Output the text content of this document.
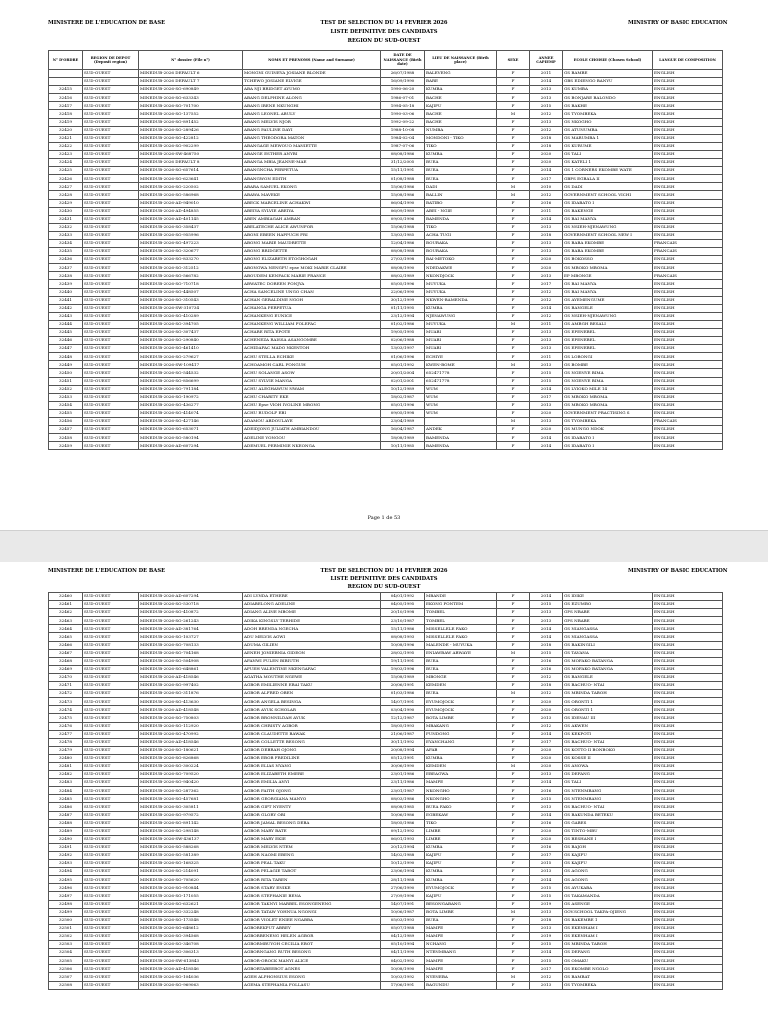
MINISTERE DE L'EDUCATION DE BASE	TEST DE SELECTION DU 14 FEVRIER 2026	MINISTRY OF BASIC EDUCATION
LISTE DEFINITIVE DES CANDIDATS
REGION DU SUD-OUEST
N° D'ORDRE	REGION DE DEPOT (Deposit region)	N° dossier (File n°)	NOMS ET PRENOMS (Name and Surname)	DATE DE NAISSANCE (Birth date)	LIEU DE NAISSANCE (Birth place)	SEXE	ANNEE CAPIEMP	ECOLE CHOISIE (Chosen School)	LANGUE DE COMPOSITION
	SUD-OUEST	MINEDUB-2026 DEFAULT 6	MONGNI GUINEYA JOSIANE BLONDE	26/07/1988	BALEVENG	F	2011	GS BAMBE	ENGLISH
	SUD-OUEST	MINEDUB-2026 DEFAULT 7	TCHEWO JOSIANE ELVIGE	16/09/1990	BARE	F	2014	GBS EDIENGO BANYU	ENGLISH
32415	SUD-OUEST	MINEDUB-2026-SO-690849	ABA NJI BRIDGET AYUMO	1990-06-20	KUMBA	F	2013	GS KUMBA	ENGLISH
32416	SUD-OUEST	MINEDUB-2026-SO-633343	ABANG DELPHINE ALONG	1986-07-01	BACHE	F	2013	GS BONJARE BALONDO	ENGLISH
32417	SUD-OUEST	MINEDUB-2026-SO-701700	ABANG IRENE NKUNGHI	1994-05-18	KAJIFU	F	2015	GS BAKHE	ENGLISH
32418	SUD-OUEST	MINEDUB-2026-SO-137552	ABANG LEONEL ABULY	1990-03-06	BACHE	M	2012	GS TYOMBEKA	ENGLISH
32419	SUD-OUEST	MINEDUB-2026-SO-891452	ABANG MELVIS NJOR	1992-09-22	BACHE	F	2013	GS NKOGHO	ENGLISH
32420	SUD-OUEST	MINEDUB-2026-SO-289426	ABANG PAULINE DAYI	1988-10-08	NUMBA	F	2012	GS ATUNUMBA	ENGLISH
32421	SUD-OUEST	MINEDUB-2026-SO-422812	ABANG THEODORA MATON	1984-02-04	MONDONI - TIKO	F	2018	GS MARUMBA 1	ENGLISH
32422	SUD-OUEST	MINEDUB-2026-SO-902299	ABANGAGE MEWOUO MANIETTE	1987-07-06	TIKO	F	2018	GS KURUME	ENGLISH
32423	SUD-OUEST	MINEDUB-2026-SW-468750	ABANGE ESTHER ANYBI	08/08/1986	KUMBA	F	2020	GS TALI	ENGLISH
32424	SUD-OUEST	MINEDUB-2026 DEFAULT 8	ABANGA MBIA JEANNE-MAE	31/12/2005	BUEA	F	2020	GS KATELI 1	ENGLISH
32425	SUD-OUEST	MINEDUB-2026-SO-657614	ABANGNCHA PERPETUA	15/11/1991	BUEA	F	2014	GS 1 CORNERS EKOMBE WATE	ENGLISH
32426	SUD-OUEST	MINEDUB-2026-SO-623641	ABANGWON EDITH	01/08/1988	BUEA	F	2017	GBPS EGBALA II	ENGLISH
32427	SUD-OUEST	MINEDUB-2026-SO-220502	ABARA SAMUEL EKONG	15/06/1986	DADI	M	2010	GS DADI	ENGLISH
32428	SUD-OUEST	MINEDUB-2026-SO-586968	ABAWA MAVEKE	15/08/1986	BALLIN	M	2012	GOVERNMENT SCHOOL VICHI	ENGLISH
32429	SUD-OUEST	MINEDUB-2026-AD-949010	ABECK MARCELINE ACHAKWI	06/04/1990	BATIBO	F	2016	GS IDABATO I	ENGLISH
32430	SUD-OUEST	MINEDUB-2026-AD-494855	ABEIYA SYLVIE ABEIYA	06/09/1989	ABEI - NGIE	F	2011	GS BAKENGE	ENGLISH
32431	SUD-OUEST	MINEDUB-2026-AD-401145	ABEN AMBIAGAH AMBAN	09/05/1996	BAMENDA	F	2014	GS BAI MANYA	ENGLISH
32432	SUD-OUEST	MINEDUB-2026-SO-358437	ABELATECHE ALICE AWUNFOR	15/06/1988	TIKO	F	2013	GS NSIEH-NJENAWUNG	ENGLISH
32433	SUD-OUEST	MINEDUB-2026-SO-955996	ABONI EBEEN HAPPUCH FRI	13/03/1985	ACHA TUGI	F	2018	GOVERNMENT SCHOOL NEW I	ENGLISH
32434	SUD-OUEST	MINEDUB-2026-SO-497223	ABONG MARIE MAUDRETTE	12/04/1986	BOURAKA	F	2013	GS BABA EKOMBE	FRANCAIS
32435	SUD-OUEST	MINEDUB-2026-SO-320677	ABONG BRIDGETTE	08/08/1988	BOURAKA	F	2013	GS BABA EKOMBE	FRANCAIS
32436	SUD-OUEST	MINEDUB-2026-SO-833270	ABONG ELIZABETH ETOGHOGAH	27/03/1998	BAI-METOKO	F	2020	GS BOKOSSO	ENGLISH
32437	SUD-OUEST	MINEDUB-2026-SO-312512	ABONGWA NENGFU epse MOKI MARIE CLAIRE	08/08/1990	NDEDAKWE	F	2020	GS MBOKO MBOMA	ENGLISH
32438	SUD-OUEST	MINEDUB-2026-SO-566782	ABOUDEM KENFACK MARIE FRANCE	08/02/1989	NKONDJOCK	F	2013	EP MBONGE	FRANCAIS
32439	SUD-OUEST	MINEDUB-2026-SO-710718	ABWATEC DOREEN FONJYA	05/05/1996	MUYUKA	F	2017	GS BAI MANYA	ENGLISH
32440	SUD-OUEST	MINEDUB-2026-SO-448507	ACHA SANCELINE UNGO CHAN	22/06/1990	MUYUKA	F	2012	GS BAI MANYA	ENGLISH
32441	SUD-OUEST	MINEDUB-2026-SO-310543	ACHAN GERALDINE NGOH	30/12/1999	NKWEN-BAMENDA	F	2012	GS AYEMENGUME	ENGLISH
32442	SUD-OUEST	MINEDUB-2026-SW-310734	ACHANGA PERPETUA	01/11/1995	KUMBA	F	2014	GS BANGELE	ENGLISH
32443	SUD-OUEST	MINEDUB-2026-SO-410289	ACHANKENG EUNICE	23/12/1994	NJENAWUNG	F	2012	GS NSIEH-NJENAWUNG	ENGLISH
32444	SUD-OUEST	MINEDUB-2026-SO-394705	ACHANKENG WILLIAM FOLEFAC	01/02/1986	MUYUKA	M	2011	GS AMBGH BESALI	ENGLISH
32445	SUD-OUEST	MINEDUB-2026-SO-307437	ACHARE RITA EPOTE	19/05/1995	MUABI	F	2013	GS EPENEBEL	ENGLISH
32446	SUD-OUEST	MINEDUB-2026-SO-290840	ACHENEZA RAISSA ASANGOMBE	02/06/1988	MUABI	F	2013	GS EPENEBEL	ENGLISH
32447	SUD-OUEST	MINEDUB-2026-SO-461410	ACHIDAFAC MADO NKENTOH	13/03/1997	MUABI	F	2013	GS EPENEBEL	ENGLISH
32448	SUD-OUEST	MINEDUB-2026-SO-279627	ACHU STELLA ECHIKE	01/06/1996	ECHIYE	F	2011	GS LOBONGI	ENGLISH
32449	SUD-OUEST	MINEDUB-2026-SW-109417	ACHOAMOH CARL FONGUH	05/01/1992	KWEN-BOME	M	2013	GS BOMBE	ENGLISH
32450	SUD-OUEST	MINEDUB-2026-SO-544532	ACHU SOLANGE ASOW	20/01/2004	652471778	F	2015	GS NGENYE BIMA	ENGLISH
32451	SUD-OUEST	MINEDUB-2026-SO-856699	ACHU SYLVIE MANGA	02/01/2001	652471778	F	2015	GS NGENYE BIMA	ENGLISH
32452	SUD-OUEST	MINEDUB-2026-SO-791184	ACHU ALEGHAWUN NWAM	10/12/1989	WUM	F	2014	GS LYIOKO MILE 14	ENGLISH
32453	SUD-OUEST	MINEDUB-2026-SO-190972	ACHU CHARITY EKE	18/02/1987	WUM	F	2017	GS MBOKO MBOMA	ENGLISH
32454	SUD-OUEST	MINEDUB-2026-SO-436277	ACHU Epse VIOH IVOLINE MBONG	05/01/1996	WUM	F	2013	GS MBOKO MBOMA	ENGLISH
32455	SUD-OUEST	MINEDUB-2026-SO-414074	ACHU RUDOLF EBI	09/05/1998	WUM	F	2020	GOVERNMENT PRACTISING S	ENGLISH
32456	SUD-OUEST	MINEDUB-2026-SO-427146	ADAMOU ABDOULAYE	23/04/1989		M	2013	GS TYOMBEKA	FRANCAIS
32457	SUD-OUEST	MINEDUB-2026-SO-653071	ADEIDJONG JULIATH AMBIANDOU	16/04/1987	ANDEK	F	2020	GS MUNGO NDOK	ENGLISH
32458	SUD-OUEST	MINEDUB-2026-SO-580194	ADELINE YONGOU	18/08/1989	BAMENDA	F	2014	GS IDABATO I	ENGLISH
32459	SUD-OUEST	MINEDUB-2026-AD-607294	ADEMUEL PERMINIE NKEONGA	10/11/1985	BAMENDA	F	2014	GS IDABATO I	ENGLISH
Page 1 de 53
MINISTERE DE L'EDUCATION DE BASE	TEST DE SELECTION DU 14 FEVRIER 2026	MINISTRY OF BASIC EDUCATION
LISTE DEFINITIVE DES CANDIDATS
REGION DU SUD-OUEST
32460	SUD-OUEST	MINEDUB-2026-AD-607294	ADI LYNDA ETHERE	04/01/1992	MBANDE	F	2014	GS IDIKE	ENGLISH
32461	SUD-OUEST	MINEDUB-2026-SO-530718	ADIABELONG ADELINE	04/05/1995	EKONG FONTEM	F	2015	GS EZUMBO	ENGLISH
32462	SUD-OUEST	MINEDUB-2026-SO-410872	ADIANG ALINE MBOME	20/10/1998	TOMBEL	F	2013	GPS NBABE	ENGLISH
32463	SUD-OUEST	MINEDUB-2026-SO-261243	ADIKA KINGSLY TERHIDE	23/10/1987	TOMBEL	F	2013	GPS NBABE	ENGLISH
32464	SUD-OUEST	MINEDUB-2026-AD-381764	ADOH BRENDA NGECHA	15/11/1986	MISSELLELE FAKO	F	2014	GS NIANGASSA	ENGLISH
32465	SUD-OUEST	MINEDUB-2026-SO-103727	ADU MELVIS AGWI	08/08/1993	MISSELLELE FAKO	F	2014	GS NIANGASSA	ENGLISH
32466	SUD-OUEST	MINEDUB-2026-SO-708133	ADUMA GILIEN	10/08/1996	MALENDE - MUYUKA	F	2018	GS BAKINGILI	ENGLISH
32467	SUD-OUEST	MINEDUB-2026-SO-704168	AENEH JONIEBNIA GIDEON	28/02/1995	ENIAWBAW ABWAYE	M	2015	GS TAVANA	ENGLISH
32468	SUD-OUEST	MINEDUB-2026-SO-504908	AFANWI FULEN BIBIUTH	19/11/1991	BUEA	F	2016	GS MOFAKO BATANGA	ENGLISH
32469	SUD-OUEST	MINEDUB-2026-SO-648861	AFUEH VALENTINE NKENGAFAC	19/03/1996	BUEA	F	2016	GS MOFAKO BATANGA	ENGLISH
32470	SUD-OUEST	MINEDUB-2026-AD-418546	AGATHA MOUTHE NGEWE	15/08/1989	MBONGE	F	2012	GS BANGELE	ENGLISH
32471	SUD-OUEST	MINEDUB-2026-SO-997402	AGBOR EMILIENNE EBAI TAKU	20/06/1991	KEMDEN	F	2018	GS BACHUO- NTAI	ENGLISH
32472	SUD-OUEST	MINEDUB-2026-SO-311876	AGBOR ALFRED OBEN	01/03/1986	BUEA	M	2012	GS MBINDA TABOH	ENGLISH
32473	SUD-OUEST	MINEDUB-2026-SO-413630	AGBOR ANGELA BESINGA	14/07/1991	EYUMOJOCK	F	2020	GS ORONTI 1	ENGLISH
32474	SUD-OUEST	MINEDUB-2026-AD-418548	AGBOR AYUK SCHOLAR	03/04/1990	EYUMOJOCK	F	2020	GS ORONTI 1	ENGLISH
32475	SUD-OUEST	MINEDUB-2026-SO-750803	AGBOR BRONNILDAH AYUK	12/12/1987	BOTA LIMBE	F	2013	GS IDENAU III	ENGLISH
32476	SUD-OUEST	MINEDUB-2026-SO-112920	AGBOR CHRISTY AGBOR	18/05/1993	MBAKANG	F	2012	GS AKWEN	ENGLISH
32477	SUD-OUEST	MINEDUB-2026-SO-470992	AGBOR CLAUDETTE BAWAK	21/06/1987	FUNDONG	F	2014	GS KEKPOTI	ENGLISH
32478	SUD-OUEST	MINEDUB-2026-AD-418546	AGBOR COLLETTE BESONG	30/11/1992	EYANCHANG	F	2017	GS BACHUO- NTAI	ENGLISH
32479	SUD-OUEST	MINEDUB-2026-SO-180621	AGBOR DEBRAH OJONG	20/08/1994	AFAB	F	2020	GS KOTTO II BONBOKO	ENGLISH
32480	SUD-OUEST	MINEDUB-2026-SO-826868	AGBOR EBOB FREDILINE	05/12/1991	KUMBA	F	2020	GS KOSSE II	ENGLISH
32481	SUD-OUEST	MINEDUB-2026-SO-300224	AGBOR ELIAS NYANG	30/06/1990	KEMDEN	M	2020	GS ANOWA	ENGLISH
32482	SUD-OUEST	MINEDUB-2026-SO-709520	AGBOR ELIZABETH EMERE	23/01/1986	EBEAGWA	F	2013	GS DEFANG	ENGLISH
32483	SUD-OUEST	MINEDUB-2026-SO-940420	AGBOR EMILIA ANYI	23/11/1986	MAMFE	F	2014	GS TALI	ENGLISH
32484	SUD-OUEST	MINEDUB-2026-SO-287362	AGBOR FAITH OJONG	23/01/1987	NKONGHO	F	2016	GS NTENMBANG	ENGLISH
32485	SUD-OUEST	MINEDUB-2026-SO-457681	AGBOR GEORGIANA MANYO	08/03/1986	NKONGHO	F	2015	GS NTENMBANG	ENGLISH
32486	SUD-OUEST	MINEDUB-2026-SO-305811	AGBOR GIFT NYENTY	08/08/1985	BUEA FAKO	F	2013	GS BACHUO- NTAI	ENGLISH
32487	SUD-OUEST	MINEDUB-2026-SO-979572	AGBOR GLORY OBI	10/06/1986	EGBEKAW	F	2014	GS BAKUNDA BETEKU	ENGLISH
32488	SUD-OUEST	MINEDUB-2026-SO-891142	AGBOR JAMAL BESONG DEBA	18/05/1986	TIKO	F	2016	GS GABES	ENGLISH
32489	SUD-OUEST	MINEDUB-2026-SO-298148	AGBOR MARY BATE	09/12/1992	LIMBE	F	2020	GS TINTO-MBU	ENGLISH
32490	SUD-OUEST	MINEDUB-2026-SW-436137	AGBOR MARY EKIE	06/01/1993	LIMBE	F	2020	GS BESHANE I	ENGLISH
32491	SUD-OUEST	MINEDUB-2026-SO-588268	AGBOR MELVIS NTEM	20/12/1994	KUMBA	F	2016	GS BAJOH	ENGLISH
32492	SUD-OUEST	MINEDUB-2026-SO-581389	AGBOR NAOMI EBENG	14/02/1988	KAJIFU	F	2017	GS KAJIFU	ENGLISH
32493	SUD-OUEST	MINEDUB-2026-SO-168325	AGBOR PEAL TAKU	10/12/1990	KAJIFU	F	2015	GS KAJIFU	ENGLISH
32494	SUD-OUEST	MINEDUB-2026-SO-214091	AGBOR PELAGIE TABOT	23/06/1994	KUMBA	F	2013	GS AGONG	ENGLISH
32495	SUD-OUEST	MINEDUB-2026-SO-705620	AGBOR RITA TAREN	28/11/1988	KUMBA	F	2014	GS AGONG	ENGLISH
32496	SUD-OUEST	MINEDUB-2026-SO-910844	AGBOR STARY ENIKE	27/06/1990	EYUMOJOCK	F	2015	GS AYUKABA	ENGLISH
32497	SUD-OUEST	MINEDUB-2026-SO-171055	AGBOR STEPHANIE BENA	27/09/1996	KAJIFU	F	2015	GS TAKAMANDA	ENGLISH
32498	SUD-OUEST	MINEDUB-2026-SO-632621	AGBOR TAKNYI MARBEL ESONGENENG	14/07/1991	BESONGABANG	F	2019	GS ASENGE	ENGLISH
32499	SUD-OUEST	MINEDUB-2026-SO-332248	AGBOR TATAW YOHNUA NGONGI	10/06/1987	BOTA LIMBE	M	2013	GOV.SCHOOL TAKPA-OJIENG	ENGLISH
32500	SUD-OUEST	MINEDUB-2026-SO-173548	AGBOR VIOLET ENIEE NGABBA	05/03/1993	BUEA	F	2018	GS BAKEMBE 1	ENGLISH
32501	SUD-OUEST	MINEDUB-2026-SO-648612	AGBOREKPUT ABREY	05/07/1988	MAMFE	F	2013	GS EKENHAM I	ENGLISH
32502	SUD-OUEST	MINEDUB-2026-SO-394568	AGBORBENENG HELEN AGBOR	04/12/1989	MAMFE	F	2019	GS EKENHAM I	ENGLISH
32503	SUD-OUEST	MINEDUB-2026-SO-346708	AGBORMBUYOH CECILIA EBOT	05/10/1994	NCHANG	F	2015	GS MBINDA TABOH	ENGLISH
32504	SUD-OUEST	MINEDUB-2026-SO-306313	AGBORNGANG RUTH BESONG	04/11/1990	NTENMBANG	F	2014	GS DEFANG	ENGLISH
32505	SUD-OUEST	MINEDUB-2026-SW-613843	AGBOR-OROCK MANYI ALICE	04/02/1992	MAMFE	F	2015	GS OMAKU	ENGLISH
32506	SUD-OUEST	MINEDUB-2026-AD-418546	AGBORTABEEBOT AGNES	10/08/1990	MAMFE	F	2017	GS EKOMBE NGOLO	ENGLISH
32507	SUD-OUEST	MINEDUB-2026-SO-104036	AGEH ALPHONSIUS ESONG	10/03/1992	NYENEBA	M	2012	GS BAMBAT	ENGLISH
32508	SUD-OUEST	MINEDUB-2026-SO-969063	AGEMA STEPHANIA FOLLASU	17/06/1991	BAGUNDU	F	2013	GS TYOMBEKA	ENGLISH
